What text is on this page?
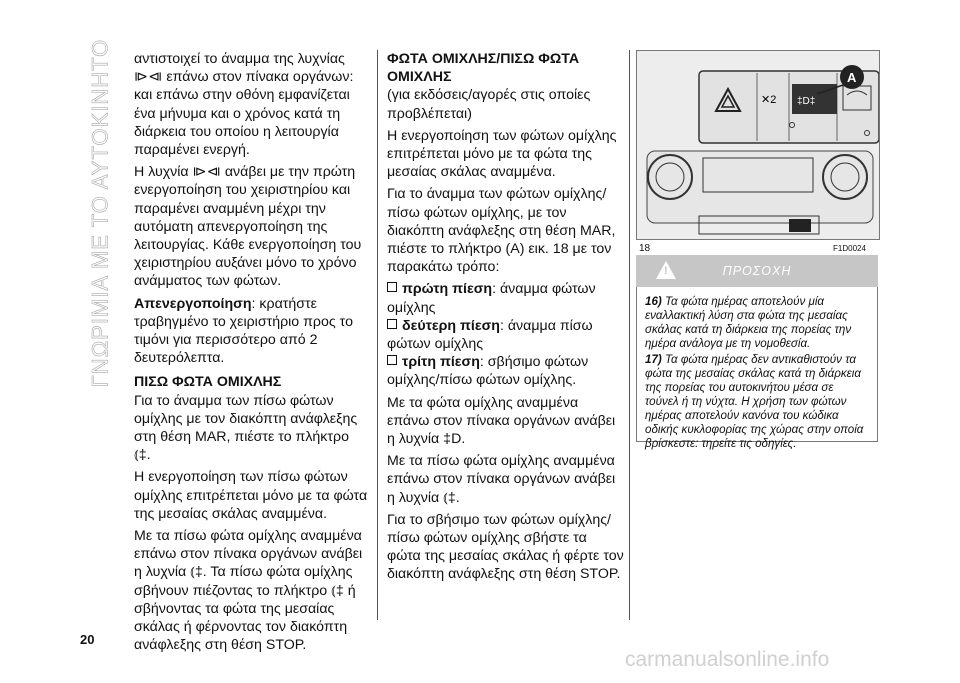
ΓΝΩΡΙΜΙΑ ΜΕ ΤΟ ΑΥΤΟΚΙΝΗΤΟ αντιστοιχεί το άναμμα της λυχνίας ⧐⧏ επάνω στον πίνακα οργάνων: και επάνω στην οθόνη εμφανίζεται ένα μήνυμα και ο χρόνος κατά τη διάρκεια του οποίου η λειτουργία παραμένει ενεργή.

Η λυχνία ⧐⧏ ανάβει με την πρώτη ενεργοποίηση του χειριστηρίου και παραμένει αναμμένη μέχρι την αυτόματη απενεργοποίηση της λειτουργίας. Κάθε ενεργοποίηση του χειριστηρίου αυξάνει μόνο το χρόνο ανάμματος των φώτων.

Απενεργοποίηση: κρατήστε τραβηγμένο το χειριστήριο προς το τιμόνι για περισσότερο από 2 δευτερόλεπτα.

ΠΙΣΩ ΦΩΤΑ ΟΜΙΧΛΗΣ

Για το άναμμα των πίσω φώτων ομίχλης με τον διακόπτη ανάφλεξης στη θέση MAR, πιέστε το πλήκτρο ⦅‡.

Η ενεργοποίηση των πίσω φώτων ομίχλης επιτρέπεται μόνο με τα φώτα της μεσαίας σκάλας αναμμένα.

Με τα πίσω φώτα ομίχλης αναμμένα επάνω στον πίνακα οργάνων ανάβει η λυχνία ⦅‡. Τα πίσω φώτα ομίχλης σβήνουν πιέζοντας το πλήκτρο ⦅‡ ή σβήνοντας τα φώτα της μεσαίας σκάλας ή φέρνοντας τον διακόπτη ανάφλεξης στη θέση STOP.

ΦΩΤΑ ΟΜΙΧΛΗΣ/ΠΙΣΩ ΦΩΤΑ ΟΜΙΧΛΗΣ

(για εκδόσεις/αγορές στις οποίες προβλέπεται)

Η ενεργοποίηση των φώτων ομίχλης επιτρέπεται μόνο με τα φώτα της μεσαίας σκάλας αναμμένα.

Για το άναμμα των φώτων ομίχλης/πίσω φώτων ομίχλης, με τον διακόπτη ανάφλεξης στη θέση MAR, πιέστε το πλήκτρο (A) εικ. 18 με τον παρακάτω τρόπο:

πρώτη πίεση: άναμμα φώτων ομίχλης

δεύτερη πίεση: άναμμα πίσω φώτων ομίχλης

τρίτη πίεση: σβήσιμο φώτων ομίχλης/πίσω φώτων ομίχλης.

Με τα φώτα ομίχλης αναμμένα επάνω στον πίνακα οργάνων ανάβει η λυχνία ‡D.

Με τα πίσω φώτα ομίχλης αναμμένα επάνω στον πίνακα οργάνων ανάβει η λυχνία ⦅‡.

Για το σβήσιμο των φώτων ομίχλης/πίσω φώτων ομίχλης σβήστε τα φώτα της μεσαίας σκάλας ή φέρτε τον διακόπτη ανάφλεξης στη θέση STOP.

✕2 ‡D‡
A
18	F1D0024
!
ΠΡΟΣΟΧΗ

16) Τα φώτα ημέρας αποτελούν μία εναλλακτική λύση στα φώτα της μεσαίας σκάλας κατά τη διάρκεια της πορείας την ημέρα ανάλογα με τη νομοθεσία.

17) Τα φώτα ημέρας δεν αντικαθιστούν τα φώτα της μεσαίας σκάλας κατά τη διάρκεια της πορείας του αυτοκινήτου μέσα σε τούνελ ή τη νύχτα. Η χρήση των φώτων ημέρας αποτελούν κανόνα του κώδικα οδικής κυκλοφορίας της χώρας στην οποία βρίσκεστε: τηρείτε τις οδηγίες.

20
carmanualsonline.info
